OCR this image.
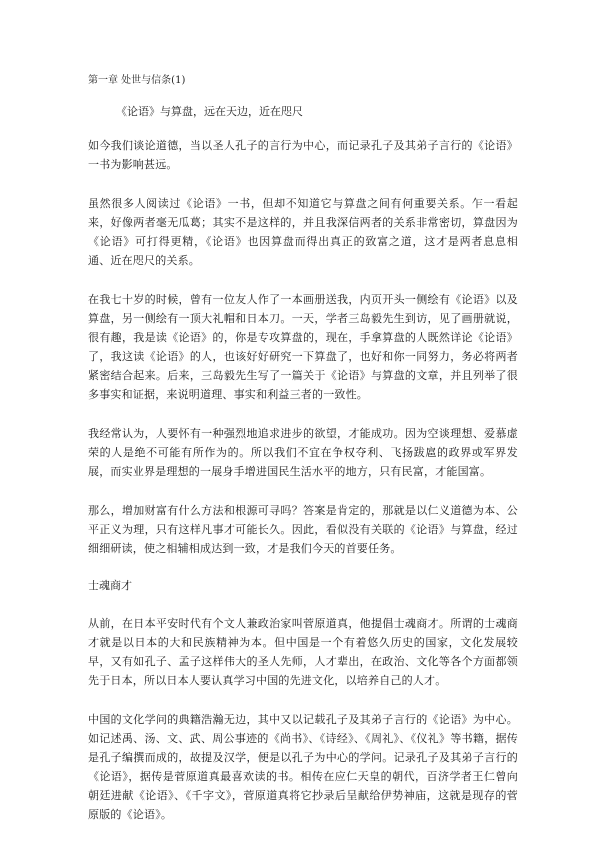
第一章 处世与信条(1)
《论语》与算盘，远在天边，近在咫尺

如今我们谈论道德，当以圣人孔子的言行为中心，而记录孔子及其弟子言行的《论语》一书为影响甚远。

虽然很多人阅读过《论语》一书，但却不知道它与算盘之间有何重要关系。乍一看起来，好像两者毫无瓜葛；其实不是这样的，并且我深信两者的关系非常密切，算盘因为《论语》可打得更精，《论语》也因算盘而得出真正的致富之道，这才是两者息息相通、近在咫尺的关系。

在我七十岁的时候，曾有一位友人作了一本画册送我，内页开头一侧绘有《论语》以及算盘，另一侧绘有一顶大礼帽和日本刀。一天，学者三岛毅先生到访，见了画册就说，很有趣，我是读《论语》的，你是专攻算盘的，现在，手拿算盘的人既然详论《论语》了，我这读《论语》的人，也该好好研究一下算盘了，也好和你一同努力，务必将两者紧密结合起来。后来，三岛毅先生写了一篇关于《论语》与算盘的文章，并且列举了很多事实和证据，来说明道理、事实和利益三者的一致性。

我经常认为，人要怀有一种强烈地追求进步的欲望，才能成功。因为空谈理想、爱慕虚荣的人是绝不可能有所作为的。所以我们不宜在争权夺利、飞扬跋扈的政界或军界发展，而实业界是理想的一展身手增进国民生活水平的地方，只有民富，才能国富。

那么，增加财富有什么方法和根源可寻吗？答案是肯定的，那就是以仁义道德为本、公平正义为理，只有这样凡事才可能长久。因此，看似没有关联的《论语》与算盘，经过细细研读，使之相辅相成达到一致，才是我们今天的首要任务。

士魂商才

从前，在日本平安时代有个文人兼政治家叫菅原道真，他提倡士魂商才。所谓的士魂商才就是以日本的大和民族精神为本。但中国是一个有着悠久历史的国家，文化发展较早，又有如孔子、孟子这样伟大的圣人先师，人才辈出，在政治、文化等各个方面都领先于日本，所以日本人要认真学习中国的先进文化，以培养自己的人才。

中国的文化学问的典籍浩瀚无边，其中又以记载孔子及其弟子言行的《论语》为中心。如记述禹、汤、文、武、周公事迹的《尚书》、《诗经》、《周礼》、《仪礼》等书籍，据传是孔子编撰而成的，故提及汉学，便是以孔子为中心的学问。记录孔子及其弟子言行的《论语》，据传是菅原道真最喜欢读的书。相传在应仁天皇的朝代，百济学者王仁曾向朝廷进献《论语》、《千字文》，菅原道真将它抄录后呈献给伊势神庙，这就是现存的菅原版的《论语》。
